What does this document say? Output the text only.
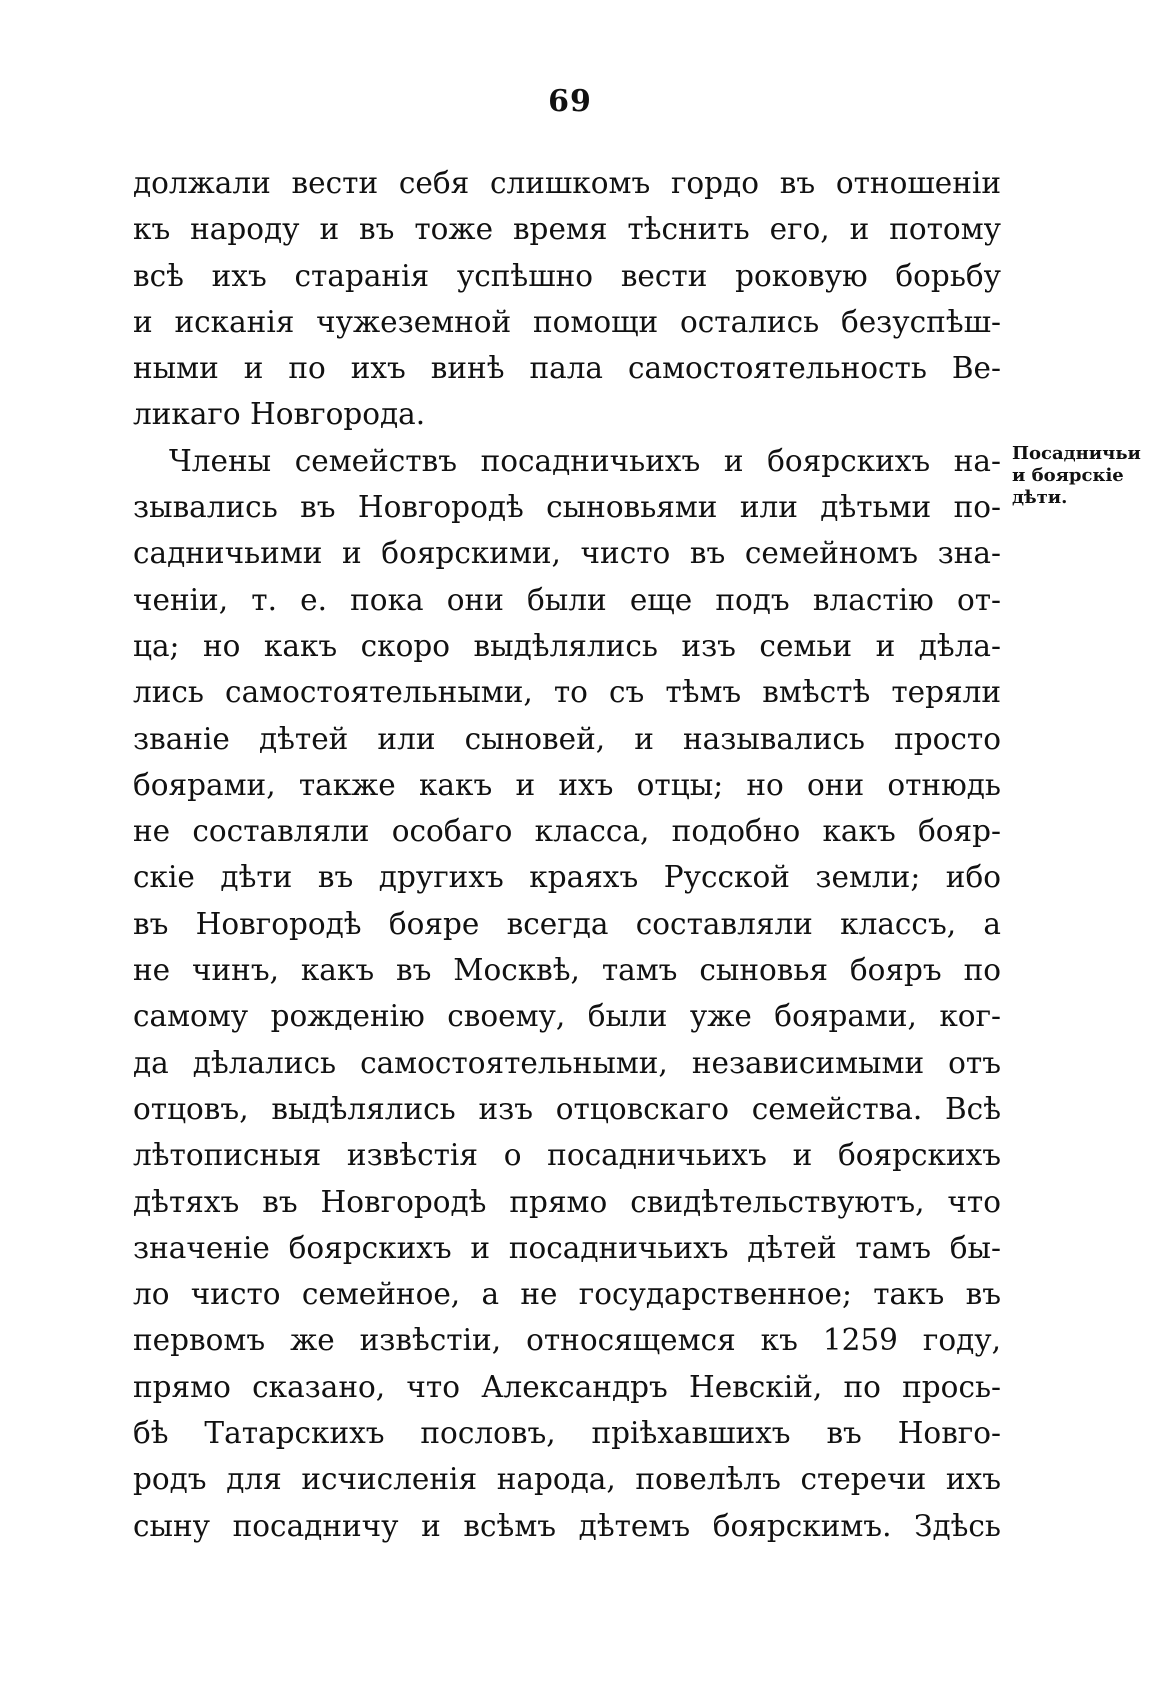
69
должали вести себя слишкомъ гордо въ отношеніи
къ народу и въ тоже время тѣснить его, и потому
всѣ ихъ старанія успѣшно вести роковую борьбу
и исканія чужеземной помощи остались безуспѣш-
ными и по ихъ винѣ пала самостоятельность Ве-
ликаго Новгорода.
Члены семействъ посадничьихъ и боярскихъ на-
зывались въ Новгородѣ сыновьями или дѣтьми по-
садничьими и боярскими, чисто въ семейномъ зна-
ченіи, т. е. пока они были еще подъ властію от-
ца; но какъ скоро выдѣлялись изъ семьи и дѣла-
лись самостоятельными, то съ тѣмъ вмѣстѣ теряли
званіе дѣтей или сыновей, и назывались просто
боярами, также какъ и ихъ отцы; но они отнюдь
не составляли особаго класса, подобно какъ бояр-
скіе дѣти въ другихъ краяхъ Русской земли; ибо
въ Новгородѣ бояре всегда составляли классъ, а
не чинъ, какъ въ Москвѣ, тамъ сыновья бояръ по
самому рожденію своему, были уже боярами, ког-
да дѣлались самостоятельными, независимыми отъ
отцовъ, выдѣлялись изъ отцовскаго семейства. Всѣ
лѣтописныя извѣстія о посадничьихъ и боярскихъ
дѣтяхъ въ Новгородѣ прямо свидѣтельствуютъ, что
значеніе боярскихъ и посадничьихъ дѣтей тамъ бы-
ло чисто семейное, а не государственное; такъ въ
первомъ же извѣстіи, относящемся къ 1259 году,
прямо сказано, что Александръ Невскій, по прось-
бѣ Татарскихъ пословъ, пріѣхавшихъ въ Новго-
родъ для исчисленія народа, повелѣлъ стеречи ихъ
сыну посадничу и всѣмъ дѣтемъ боярскимъ. Здѣсь
Посадничьи
и боярскіе
дѣти.
